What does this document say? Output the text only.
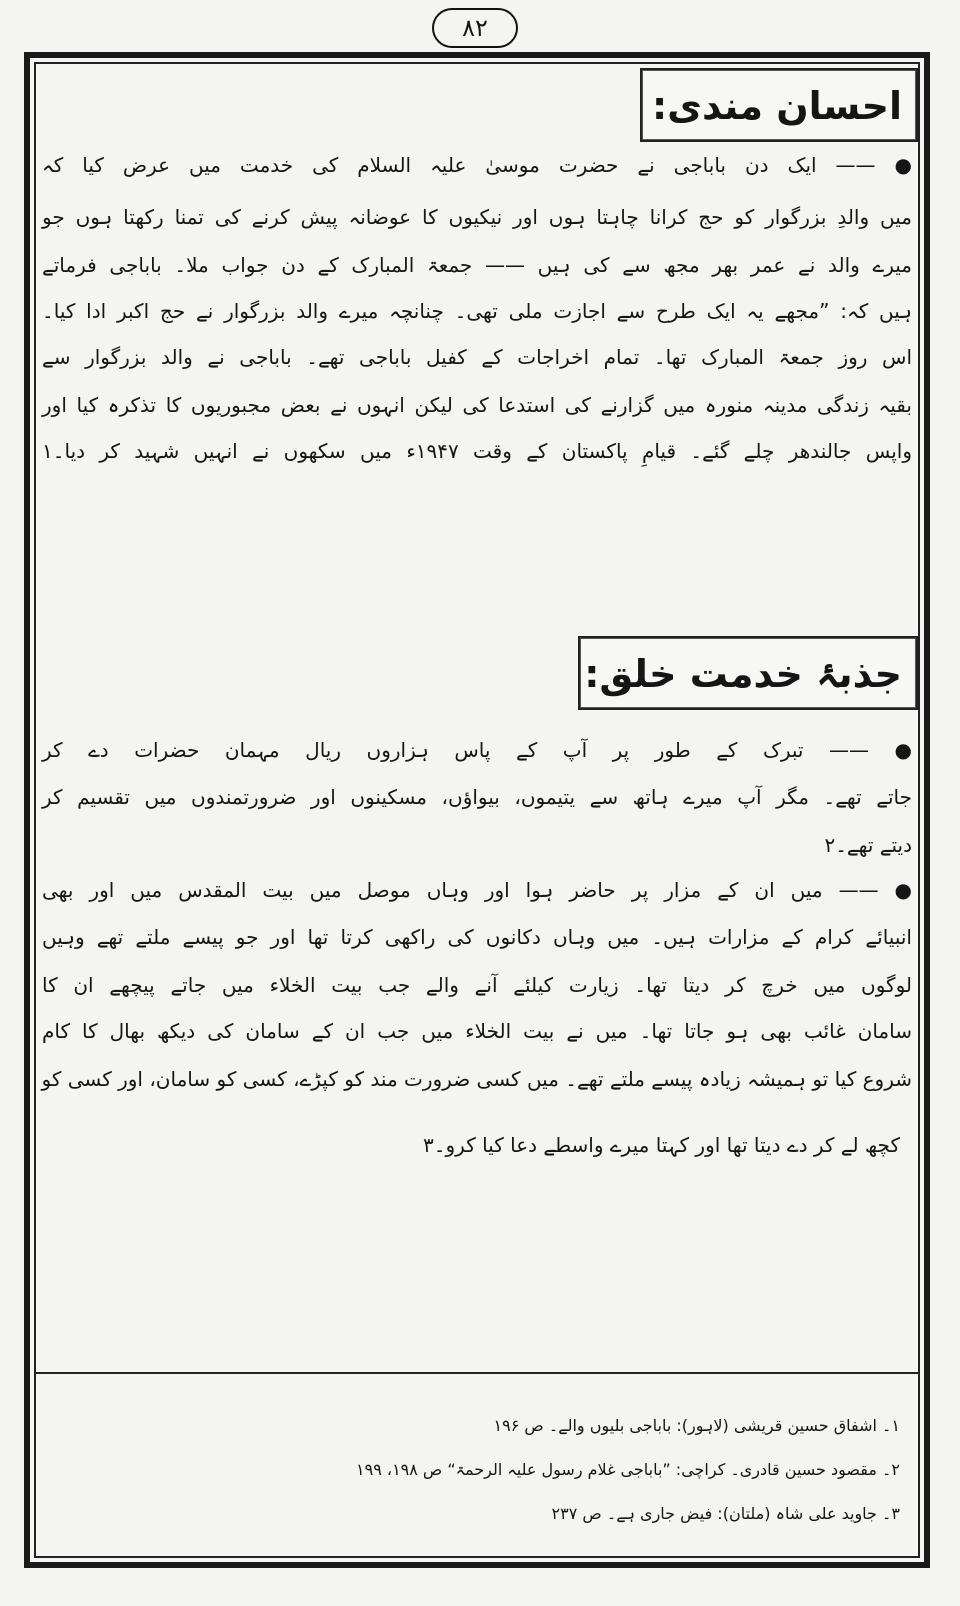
۸۲
احسان مندی:
● —— ایک دن باباجی نے حضرت موسیٰ علیہ السلام کی خدمت میں عرض کیا کہ
میں والدِ بزرگوار کو حج کرانا چاہتا ہوں اور نیکیوں کا عوضانہ پیش کرنے کی تمنا رکھتا ہوں جو
میرے والد نے عمر بھر مجھ سے کی ہیں —— جمعۃ المبارک کے دن جواب ملا۔ باباجی فرماتے
ہیں کہ: ”مجھے یہ ایک طرح سے اجازت ملی تھی۔ چنانچہ میرے والد بزرگوار نے حج اکبر ادا کیا۔
اس روز جمعۃ المبارک تھا۔ تمام اخراجات کے کفیل باباجی تھے۔ باباجی نے والد بزرگوار سے
بقیہ زندگی مدینہ منورہ میں گزارنے کی استدعا کی لیکن انہوں نے بعض مجبوریوں کا تذکرہ کیا اور
واپس جالندھر چلے گئے۔ قیامِ پاکستان کے وقت ۱۹۴۷ء میں سکھوں نے انہیں شہید کر دیا۔۱
جذبۂ خدمت خلق:
● —— تبرک کے طور پر آپ کے پاس ہزاروں ریال مہمان حضرات دے کر
جاتے تھے۔ مگر آپ میرے ہاتھ سے یتیموں، بیواؤں، مسکینوں اور ضرورتمندوں میں تقسیم کر
دیتے تھے۔۲
● —— میں ان کے مزار پر حاضر ہوا اور وہاں موصل میں بیت المقدس میں اور بھی
انبیائے کرام کے مزارات ہیں۔ میں وہاں دکانوں کی راکھی کرتا تھا اور جو پیسے ملتے تھے وہیں
لوگوں میں خرچ کر دیتا تھا۔ زیارت کیلئے آنے والے جب بیت الخلاء میں جاتے پیچھے ان کا
سامان غائب بھی ہو جاتا تھا۔ میں نے بیت الخلاء میں جب ان کے سامان کی دیکھ بھال کا کام
شروع کیا تو ہمیشہ زیادہ پیسے ملتے تھے۔ میں کسی ضرورت مند کو کپڑے، کسی کو سامان، اور کسی کو
کچھ لے کر دے دیتا تھا اور کہتا میرے واسطے دعا کیا کرو۔۳
۱۔ اشفاق حسین قریشی (لاہور): باباجی بلیوں والے۔ ص ۱۹۶
۲۔ مقصود حسین قادری۔ کراچی: ”باباجی غلام رسول علیہ الرحمۃ“ ص ۱۹۸، ۱۹۹
۳۔ جاوید علی شاہ (ملتان): فیض جاری ہے۔ ص ۲۳۷
